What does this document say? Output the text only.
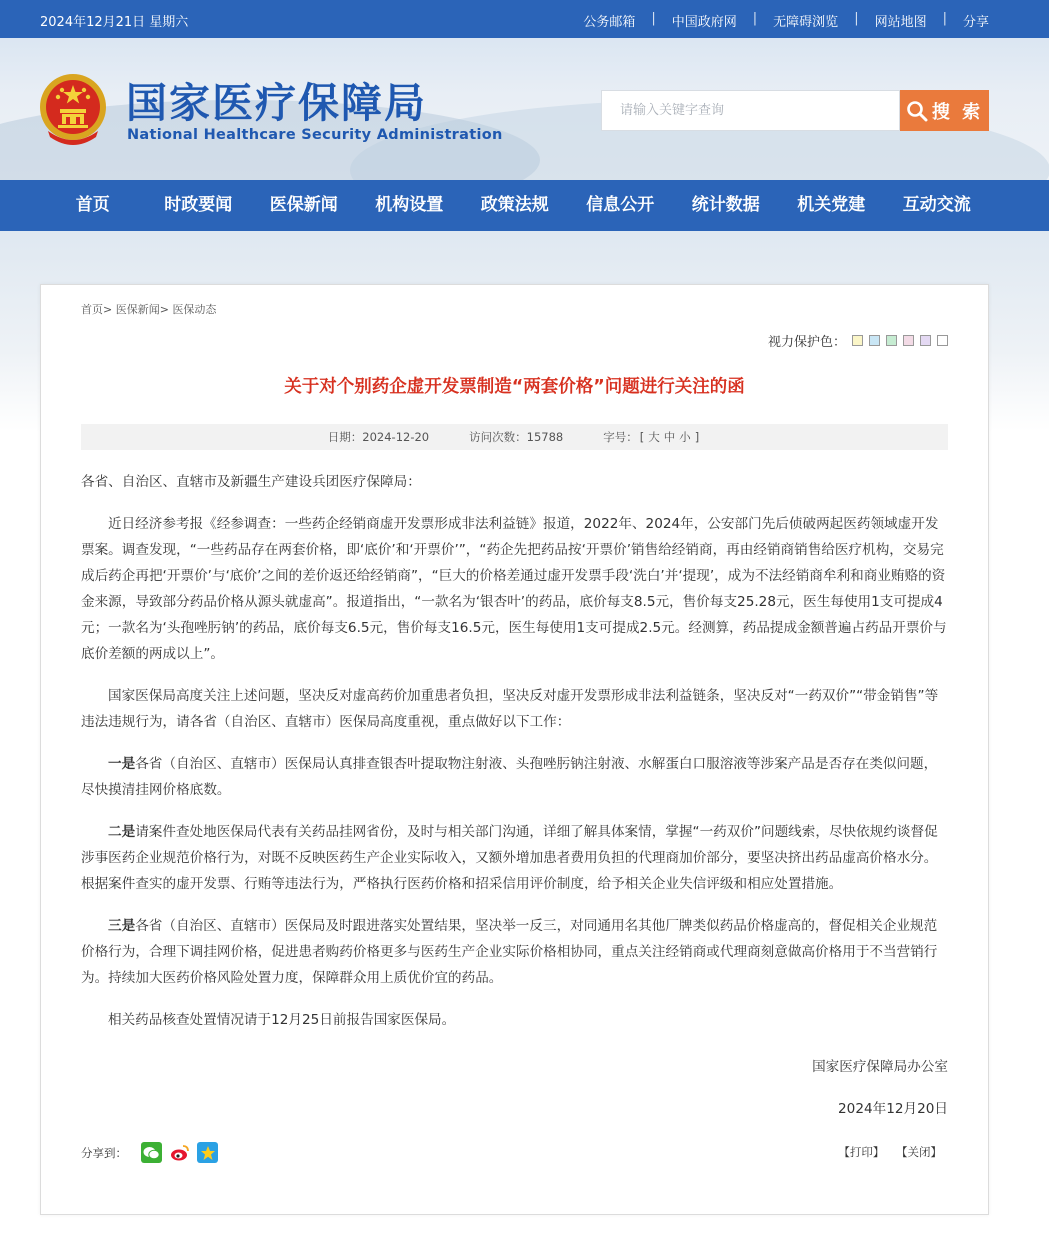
2024年12月21日 星期六	公务邮箱 | 中国政府网 | 无障碍浏览 | 网站地图 | 分享
国家医疗保障局
National Healthcare Security Administration
请输入关键字查询
搜 索
首页	时政要闻	医保新闻	机构设置	政策法规	信息公开	统计数据	机关党建	互动交流
首页> 医保新闻> 医保动态
视力保护色：
关于对个别药企虚开发票制造“两套价格”问题进行关注的函
日期：2024-12-20	访问次数：15788	字号： [ 大 中 小 ]

各省、自治区、直辖市及新疆生产建设兵团医疗保障局：

近日经济参考报《经参调查：一些药企经销商虚开发票形成非法利益链》报道，2022年、2024年，公安部门先后侦破两起医药领域虚开发票案。调查发现，“一些药品存在两套价格，即‘底价’和‘开票价’”，“药企先把药品按‘开票价’销售给经销商，再由经销商销售给医疗机构，交易完成后药企再把‘开票价’与‘底价’之间的差价返还给经销商”，“巨大的价格差通过虚开发票手段‘洗白’并‘提现’，成为不法经销商牟利和商业贿赂的资金来源，导致部分药品价格从源头就虚高”。报道指出，“一款名为‘银杏叶’的药品，底价每支8.5元，售价每支25.28元，医生每使用1支可提成4元；一款名为‘头孢唑肟钠’的药品，底价每支6.5元，售价每支16.5元，医生每使用1支可提成2.5元。经测算，药品提成金额普遍占药品开票价与底价差额的两成以上”。

国家医保局高度关注上述问题，坚决反对虚高药价加重患者负担，坚决反对虚开发票形成非法利益链条，坚决反对“一药双价”“带金销售”等违法违规行为，请各省（自治区、直辖市）医保局高度重视，重点做好以下工作：

一是各省（自治区、直辖市）医保局认真排查银杏叶提取物注射液、头孢唑肟钠注射液、水解蛋白口服溶液等涉案产品是否存在类似问题，尽快摸清挂网价格底数。

二是请案件查处地医保局代表有关药品挂网省份，及时与相关部门沟通，详细了解具体案情，掌握“一药双价”问题线索，尽快依规约谈督促涉事医药企业规范价格行为，对既不反映医药生产企业实际收入，又额外增加患者费用负担的代理商加价部分，要坚决挤出药品虚高价格水分。根据案件查实的虚开发票、行贿等违法行为，严格执行医药价格和招采信用评价制度，给予相关企业失信评级和相应处置措施。

三是各省（自治区、直辖市）医保局及时跟进落实处置结果，坚决举一反三，对同通用名其他厂牌类似药品价格虚高的，督促相关企业规范价格行为，合理下调挂网价格，促进患者购药价格更多与医药生产企业实际价格相协同，重点关注经销商或代理商刻意做高价格用于不当营销行为。持续加大医药价格风险处置力度，保障群众用上质优价宜的药品。

相关药品核查处置情况请于12月25日前报告国家医保局。

国家医疗保障局办公室
2024年12月20日
分享到：	【打印】 【关闭】
